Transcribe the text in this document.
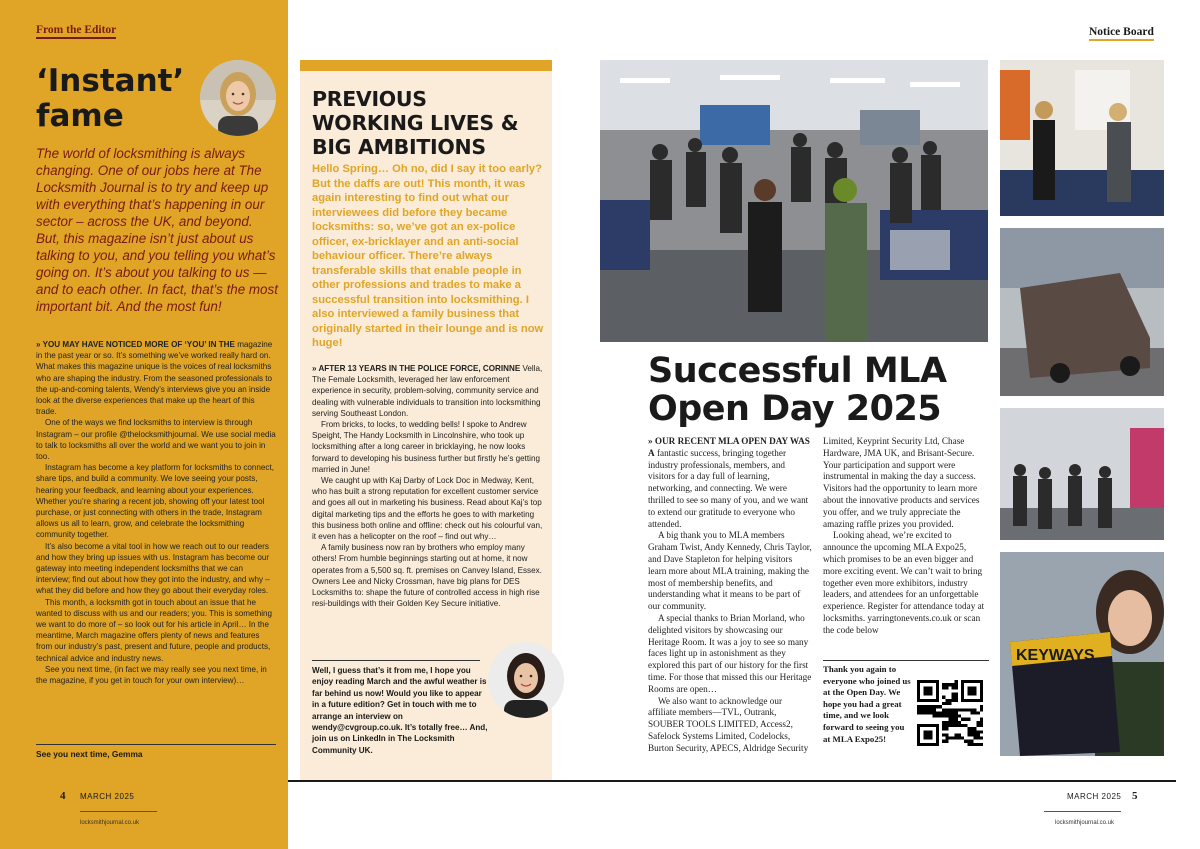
From the Editor
‘Instant’ fame
The world of locksmithing is always changing. One of our jobs here at The Locksmith Journal is to try and keep up with everything that’s happening in our sector – across the UK, and beyond. But, this magazine isn’t just about us talking to you, and you telling you what’s going on. It’s about you talking to us — and to each other. In fact, that’s the most important bit. And the most fun!

» YOU MAY HAVE NOTICED MORE OF ‘YOU’ IN THE magazine in the past year or so. It’s something we’ve worked really hard on. What makes this magazine unique is the voices of real locksmiths who are shaping the industry. From the seasoned professionals to the up-and-coming talents, Wendy’s interviews give you an inside look at the diverse experiences that make up the heart of this trade.

One of the ways we find locksmiths to interview is through Instagram – our profile @thelocksmithjournal. We use social media to talk to locksmiths all over the world and we want you to join in too.

Instagram has become a key platform for locksmiths to connect, share tips, and build a community. We love seeing your posts, hearing your feedback, and learning about your experiences. Whether you’re sharing a recent job, showing off your latest tool purchase, or just connecting with others in the trade, Instagram allows us all to learn, grow, and celebrate the locksmithing community together.

It’s also become a vital tool in how we reach out to our readers and how they bring up issues with us. Instagram has become our gateway into meeting independent locksmiths that we can interview; find out about how they got into the industry, and why – what they did before and how they go about their everyday roles.

This month, a locksmith got in touch about an issue that he wanted to discuss with us and our readers; you. This is something we want to do more of – so look out for his article in April… In the meantime, March magazine offers plenty of news and features from our industry’s past, present and future, people and products, technical advice and industry news.

See you next time, (in fact we may really see you next time, in the magazine, if you get in touch for your own interview)…

See you next time, Gemma
4 MARCH 2025
locksmithjournal.co.uk
PREVIOUS WORKING LIVES & BIG AMBITIONS
Hello Spring… Oh no, did I say it too early? But the daffs are out! This month, it was again interesting to find out what our interviewees did before they became locksmiths: so, we’ve got an ex-police officer, ex-bricklayer and an anti-social behaviour officer. There’re always transferable skills that enable people in other professions and trades to make a successful transition into locksmithing. I also interviewed a family business that originally started in their lounge and is now huge!

» AFTER 13 YEARS IN THE POLICE FORCE, CORINNE Vella, The Female Locksmith, leveraged her law enforcement experience in security, problem-solving, community service and dealing with vulnerable individuals to transition into locksmithing serving Southeast London.

From bricks, to locks, to wedding bells! I spoke to Andrew Speight, The Handy Locksmith in Lincolnshire, who took up locksmithing after a long career in bricklaying, he now looks forward to developing his business further but firstly he’s getting married in June!

We caught up with Kaj Darby of Lock Doc in Medway, Kent, who has built a strong reputation for excellent customer service and goes all out in marketing his business. Read about Kaj’s top digital marketing tips and the efforts he goes to with marketing this business both online and offline: check out his colourful van, it even has a helicopter on the roof – find out why…

A family business now ran by brothers who employ many others! From humble beginnings starting out at home, it now operates from a 5,500 sq. ft. premises on Canvey Island, Essex. Owners Lee and Nicky Crossman, have big plans for DES Locksmiths to: shape the future of controlled access in high rise resi-buildings with their Golden Key Secure initiative.

Well, I guess that’s it from me, I hope you enjoy reading March and the awful weather is far behind us now! Would you like to appear in a future edition? Get in touch with me to arrange an interview on wendy@cvgroup.co.uk. It’s totally free… And, join us on LinkedIn in The Locksmith Community UK.
Notice Board
KEYWAYS
Successful MLA Open Day 2025

» OUR RECENT MLA OPEN DAY WAS A fantastic success, bringing together industry professionals, members, and visitors for a day full of learning, networking, and connecting. We were thrilled to see so many of you, and we want to extend our gratitude to everyone who attended.

A big thank you to MLA members Graham Twist, Andy Kennedy, Chris Taylor, and Dave Stapleton for helping visitors learn more about MLA training, making the most of membership benefits, and understanding what it means to be part of our community.

A special thanks to Brian Morland, who delighted visitors by showcasing our Heritage Room. It was a joy to see so many faces light up in astonishment as they explored this part of our history for the first time. For those that missed this our Heritage Rooms are open…

We also want to acknowledge our affiliate members—TVL, Outrank, SOUBER TOOLS LIMITED, Access2, Safelock Systems Limited, Codelocks, Burton Security, APECS, Aldridge Security

Limited, Keyprint Security Ltd, Chase Hardware, JMA UK, and Brisant-Secure. Your participation and support were instrumental in making the day a success. Visitors had the opportunity to learn more about the innovative products and services you offer, and we truly appreciate the amazing raffle prizes you provided.

Looking ahead, we’re excited to announce the upcoming MLA Expo25, which promises to be an even bigger and more exciting event. We can’t wait to bring together even more exhibitors, industry leaders, and attendees for an unforgettable experience. Register for attendance today at locksmiths. yarringtonevents.co.uk or scan the code below

Thank you again to everyone who joined us at the Open Day. We hope you had a great time, and we look forward to seeing you at MLA Expo25!
MARCH 2025 5
locksmithjournal.co.uk
